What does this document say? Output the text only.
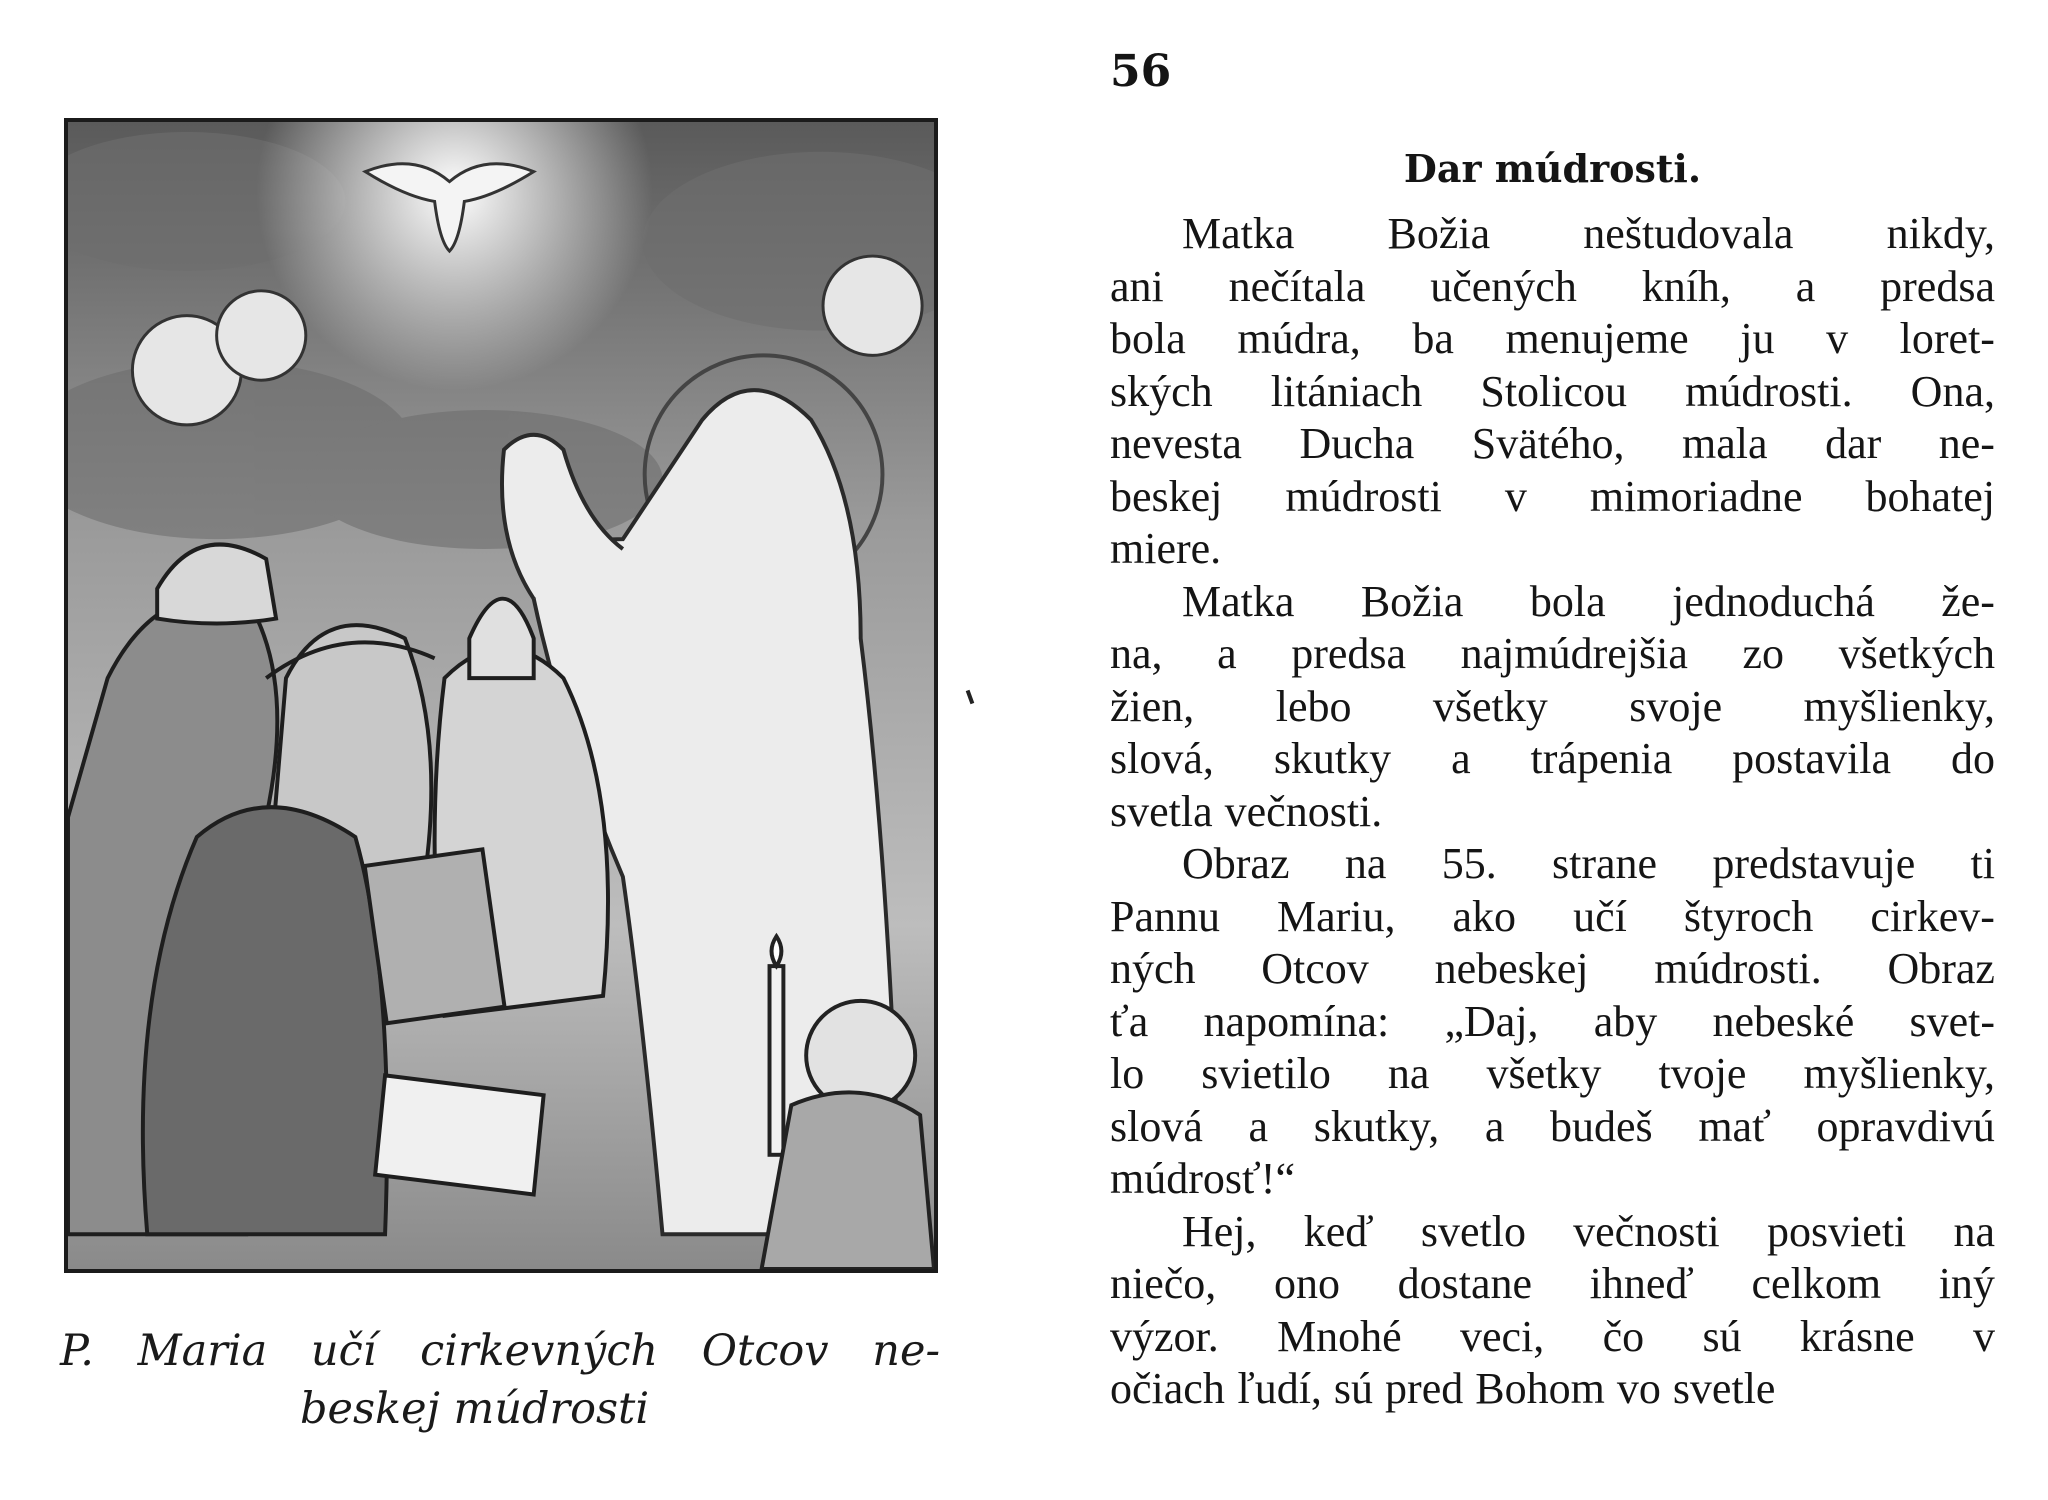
P. Maria učí cirkevných Otcov ne-
beskej múdrosti
56
Dar múdrosti.

Matka Božia neštudovala nikdy,
ani nečítala učených kníh, a predsa
bola múdra, ba menujeme ju v loret-
ských litániach Stolicou múdrosti. Ona,
nevesta Ducha Svätého, mala dar ne-
beskej múdrosti v mimoriadne bohatej
miere.

Matka Božia bola jednoduchá že-
na, a predsa najmúdrejšia zo všetkých
žien, lebo všetky svoje myšlienky,
slová, skutky a trápenia postavila do
svetla večnosti.

Obraz na 55. strane predstavuje ti
Pannu Mariu, ako učí štyroch cirkev-
ných Otcov nebeskej múdrosti. Obraz
ťa napomína: „Daj, aby nebeské svet-
lo svietilo na všetky tvoje myšlienky,
slová a skutky, a budeš mať opravdivú
múdrosť!“

Hej, keď svetlo večnosti posvieti na
niečo, ono dostane ihneď celkom iný
výzor. Mnohé veci, čo sú krásne v
očiach ľudí, sú pred Bohom vo svetle
